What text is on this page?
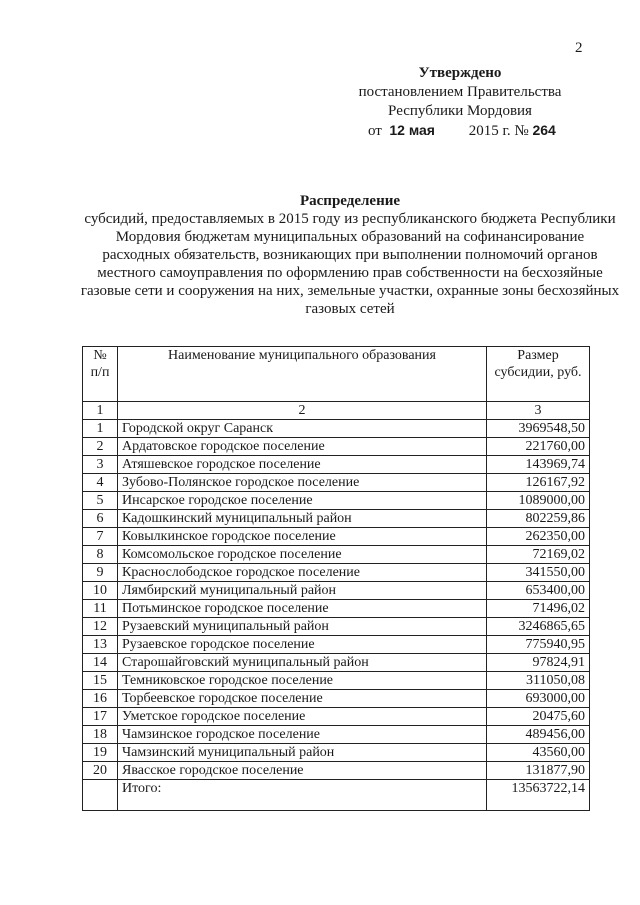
2
Утверждено
постановлением Правительства
Республики Мордовия
от 12 мая 2015 г. № 264
Распределение
субсидий, предоставляемых в 2015 году из республиканского бюджета Республики Мордовия бюджетам муниципальных образований на софинансирование расходных обязательств, возникающих при выполнении полномочий органов местного самоуправления по оформлению прав собственности на бесхозяйные газовые сети и сооружения на них, земельные участки, охранные зоны бесхозяйных газовых сетей
№ п/п	Наименование муниципального образования	Размер субсидии, руб.
1	2	3
1	Городской округ Саранск	3969548,50
2	Ардатовское городское поселение	221760,00
3	Атяшевское городское поселение	143969,74
4	Зубово-Полянское городское поселение	126167,92
5	Инсарское городское поселение	1089000,00
6	Кадошкинский муниципальный район	802259,86
7	Ковылкинское городское поселение	262350,00
8	Комсомольское городское поселение	72169,02
9	Краснослободское городское поселение	341550,00
10	Лямбирский муниципальный район	653400,00
11	Потьминское городское поселение	71496,02
12	Рузаевский муниципальный район	3246865,65
13	Рузаевское городское поселение	775940,95
14	Старошайговский муниципальный район	97824,91
15	Темниковское городское поселение	311050,08
16	Торбеевское городское поселение	693000,00
17	Уметское городское поселение	20475,60
18	Чамзинское городское поселение	489456,00
19	Чамзинский муниципальный район	43560,00
20	Явасское городское поселение	131877,90
	Итого:	13563722,14
